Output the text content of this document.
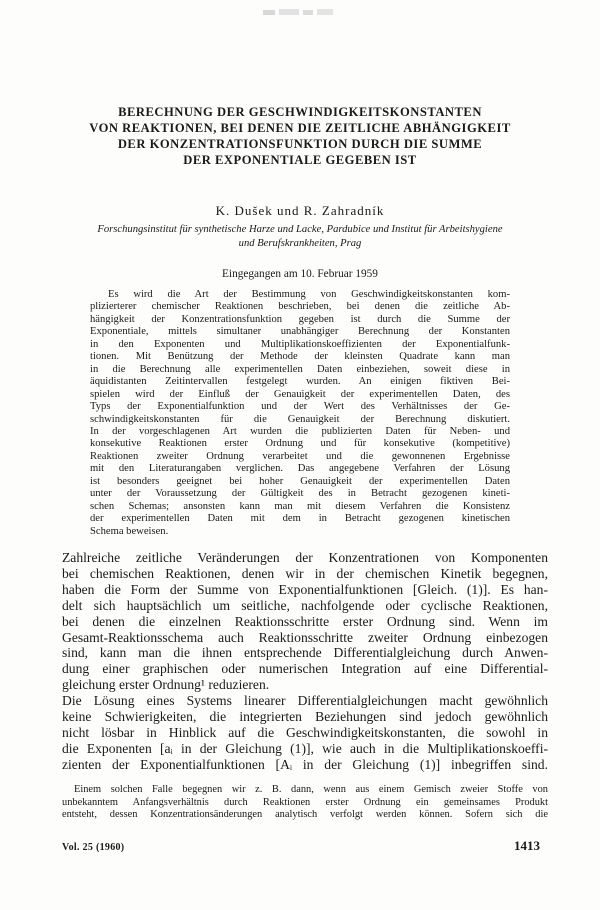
BERECHNUNG DER GESCHWINDIGKEITSKONSTANTEN
VON REAKTIONEN, BEI DENEN DIE ZEITLICHE ABHÄNGIGKEIT
DER KONZENTRATIONSFUNKTION DURCH DIE SUMME
DER EXPONENTIALE GEGEBEN IST
K. Dušek und R. Zahradník
Forschungsinstitut für synthetische Harze und Lacke, Pardubice und Institut für Arbeitshygiene
und Berufskrankheiten, Prag
Eingegangen am 10. Februar 1959
Es wird die Art der Bestimmung von Geschwindigkeitskonstanten kom-
plizierterer chemischer Reaktionen beschrieben, bei denen die zeitliche Ab-
hängigkeit der Konzentrationsfunktion gegeben ist durch die Summe der
Exponentiale, mittels simultaner unabhängiger Berechnung der Konstanten
in den Exponenten und Multiplikationskoeffizienten der Exponentialfunk-
tionen. Mit Benützung der Methode der kleinsten Quadrate kann man
in die Berechnung alle experimentellen Daten einbeziehen, soweit diese in
äquidistanten Zeitintervallen festgelegt wurden. An einigen fiktiven Bei-
spielen wird der Einfluß der Genauigkeit der experimentellen Daten, des
Typs der Exponentialfunktion und der Wert des Verhältnisses der Ge-
schwindigkeitskonstanten für die Genauigkeit der Berechnung diskutiert.
In der vorgeschlagenen Art wurden die publizierten Daten für Neben- und
konsekutive Reaktionen erster Ordnung und für konsekutive (kompetitive)
Reaktionen zweiter Ordnung verarbeitet und die gewonnenen Ergebnisse
mit den Literaturangaben verglichen. Das angegebene Verfahren der Lösung
ist besonders geeignet bei hoher Genauigkeit der experimentellen Daten
unter der Voraussetzung der Gültigkeit des in Betracht gezogenen kineti-
schen Schemas; ansonsten kann man mit diesem Verfahren die Konsistenz
der experimentellen Daten mit dem in Betracht gezogenen kinetischen
Schema beweisen.
Zahlreiche zeitliche Veränderungen der Konzentrationen von Komponenten
bei chemischen Reaktionen, denen wir in der chemischen Kinetik begegnen,
haben die Form der Summe von Exponentialfunktionen [Gleich. (1)]. Es han-
delt sich hauptsächlich um seitliche, nachfolgende oder cyclische Reaktionen,
bei denen die einzelnen Reaktionsschritte erster Ordnung sind. Wenn im
Gesamt-Reaktionsschema auch Reaktionsschritte zweiter Ordnung einbezogen
sind, kann man die ihnen entsprechende Differentialgleichung durch Anwen-
dung einer graphischen oder numerischen Integration auf eine Differential-
gleichung erster Ordnung¹ reduzieren.
Die Lösung eines Systems linearer Differentialgleichungen macht gewöhnlich
keine Schwierigkeiten, die integrierten Beziehungen sind jedoch gewöhnlich
nicht lösbar in Hinblick auf die Geschwindigkeitskonstanten, die sowohl in
die Exponenten [aᵢ in der Gleichung (1)], wie auch in die Multiplikationskoeffi-
zienten der Exponentialfunktionen [Aᵢ in der Gleichung (1)] inbegriffen sind.
Einem solchen Falle begegnen wir z. B. dann, wenn aus einem Gemisch zweier Stoffe von
unbekanntem Anfangsverhältnis durch Reaktionen erster Ordnung ein gemeinsames Produkt
entsteht, dessen Konzentrationsänderungen analytisch verfolgt werden können. Sofern sich die
Vol. 25 (1960)	1413
